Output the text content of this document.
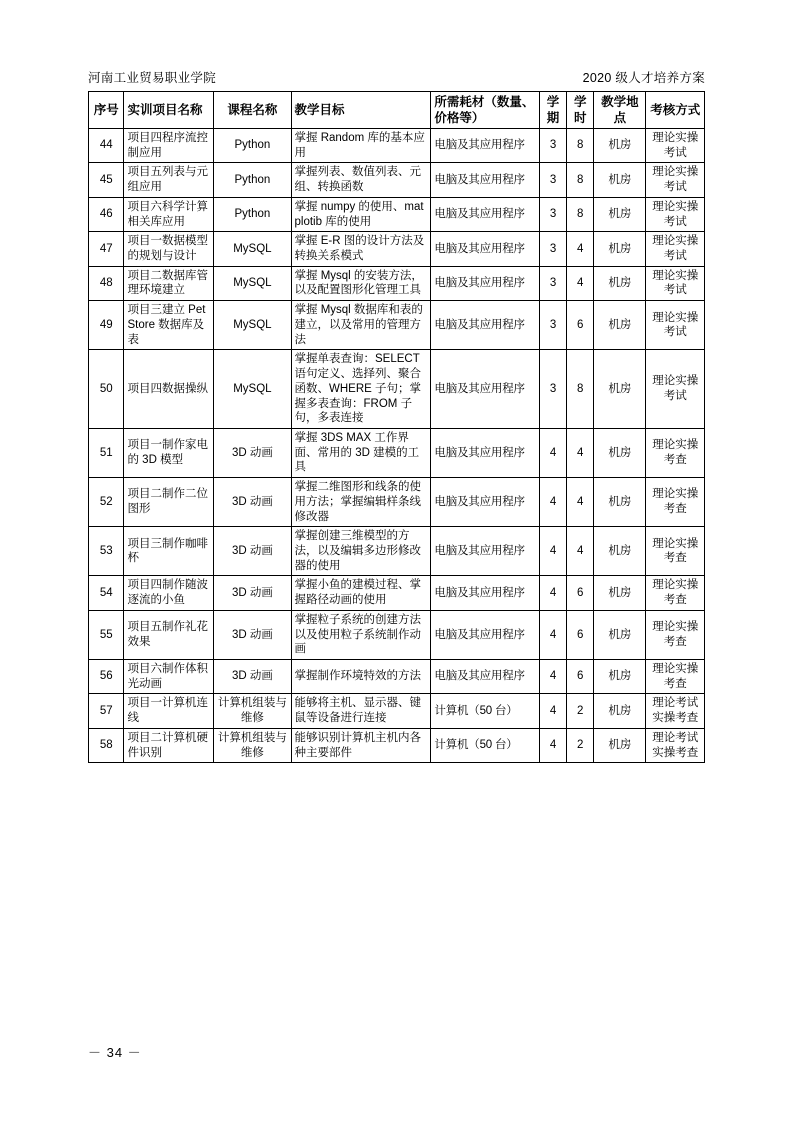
河南工业贸易职业学院	2020 级人才培养方案
序号	实训项目名称	课程名称	教学目标	所需耗材（数量、价格等）	学期	学时	教学地点	考核方式
44	项目四程序流控制应用	Python	掌握 Random 库的基本应用	电脑及其应用程序	3	8	机房	理论实操考试
45	项目五列表与元组应用	Python	掌握列表、数值列表、元组、转换函数	电脑及其应用程序	3	8	机房	理论实操考试
46	项目六科学计算相关库应用	Python	掌握 numpy 的使用、matplotib 库的使用	电脑及其应用程序	3	8	机房	理论实操考试
47	项目一数据模型的规划与设计	MySQL	掌握 E-R 图的设计方法及转换关系模式	电脑及其应用程序	3	4	机房	理论实操考试
48	项目二数据库管理环境建立	MySQL	掌握 Mysql 的安装方法，以及配置图形化管理工具	电脑及其应用程序	3	4	机房	理论实操考试
49	项目三建立 PetStore 数据库及表	MySQL	掌握 Mysql 数据库和表的建立，以及常用的管理方法	电脑及其应用程序	3	6	机房	理论实操考试
50	项目四数据操纵	MySQL	掌握单表查询：SELECT 语句定义、选择列、聚合函数、WHERE 子句；掌握多表查询：FROM 子句，多表连接	电脑及其应用程序	3	8	机房	理论实操考试
51	项目一制作家电的 3D 模型	3D 动画	掌握 3DS MAX 工作界面、常用的 3D 建模的工具	电脑及其应用程序	4	4	机房	理论实操考查
52	项目二制作二位图形	3D 动画	掌握二维图形和线条的使用方法；掌握编辑样条线修改器	电脑及其应用程序	4	4	机房	理论实操考查
53	项目三制作咖啡杯	3D 动画	掌握创建三维模型的方法，以及编辑多边形修改器的使用	电脑及其应用程序	4	4	机房	理论实操考查
54	项目四制作随波逐流的小鱼	3D 动画	掌握小鱼的建模过程、掌握路径动画的使用	电脑及其应用程序	4	6	机房	理论实操考查
55	项目五制作礼花效果	3D 动画	掌握粒子系统的创建方法以及使用粒子系统制作动画	电脑及其应用程序	4	6	机房	理论实操考查
56	项目六制作体积光动画	3D 动画	掌握制作环境特效的方法	电脑及其应用程序	4	6	机房	理论实操考查
57	项目一计算机连线	计算机组装与维修	能够将主机、显示器、键鼠等设备进行连接	计算机（50 台）	4	2	机房	理论考试实操考查
58	项目二计算机硬件识别	计算机组装与维修	能够识别计算机主机内各种主要部件	计算机（50 台）	4	2	机房	理论考试实操考查
－ 34 －
